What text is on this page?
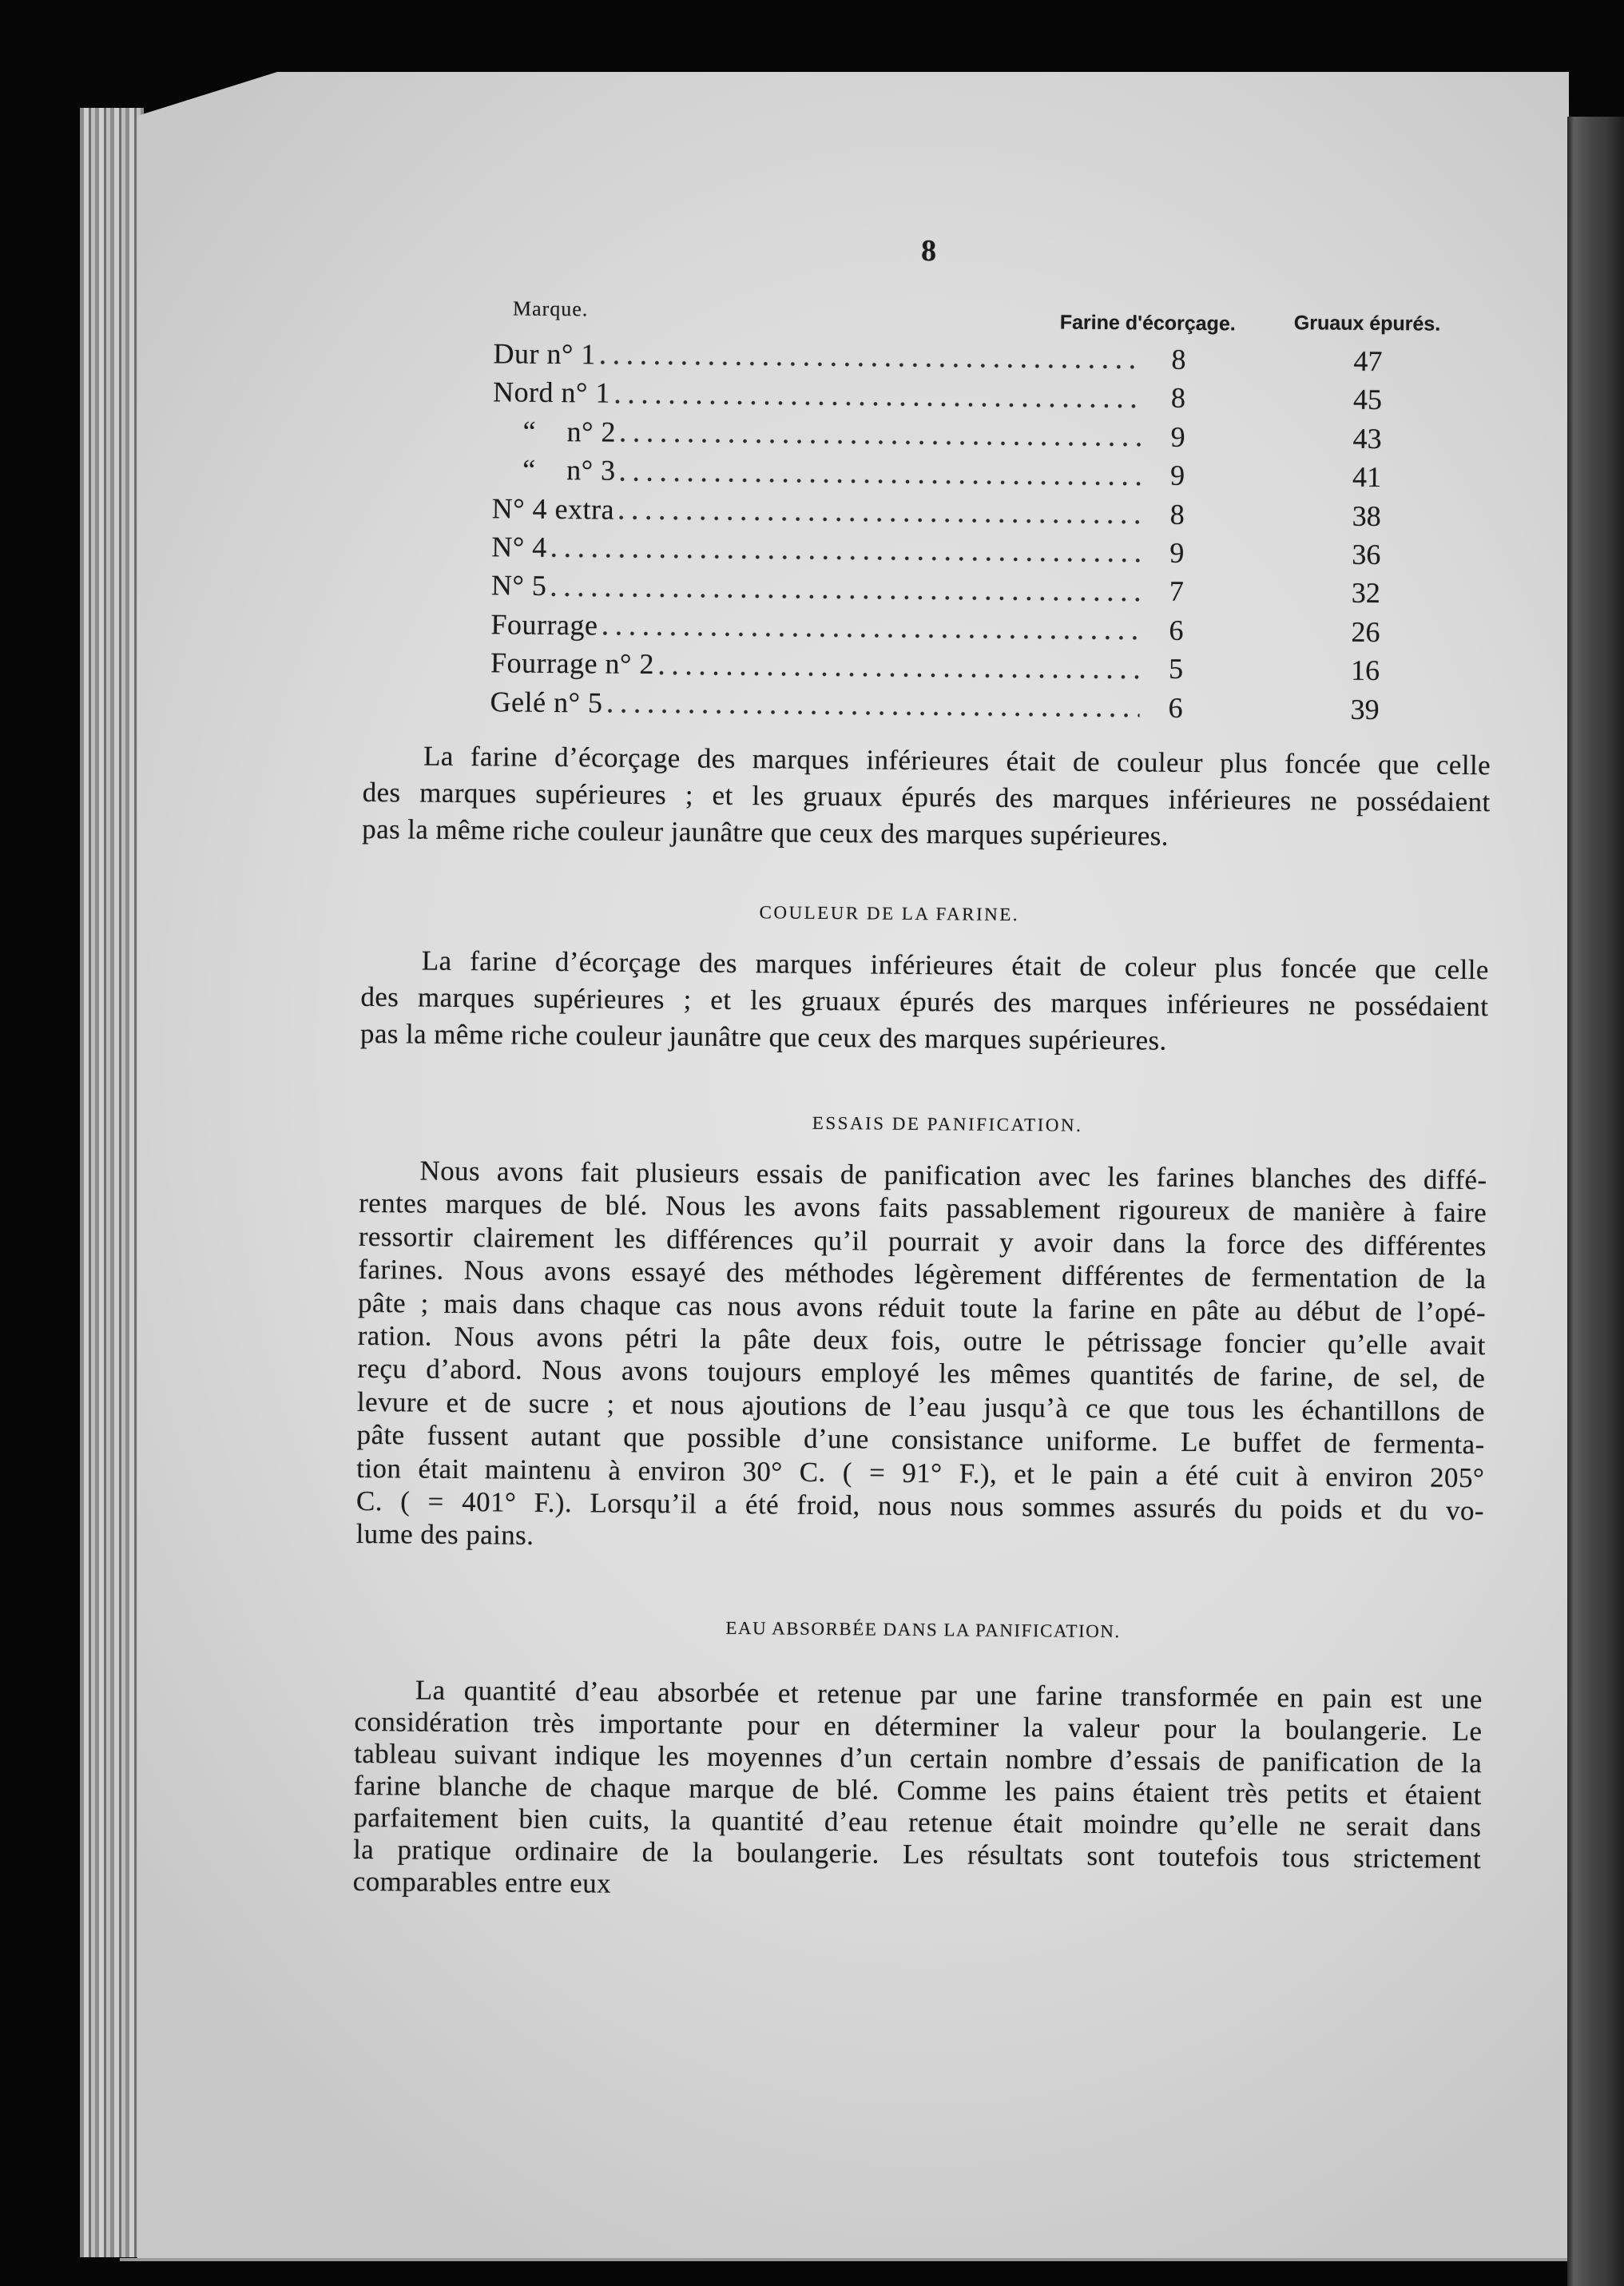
8
Marque.
Farine d'écorçage.	Gruaux épurés.
Dur n° 1	8	47
Nord n° 1	8	45
“	n° 2	9	43
“	n° 3	9	41
N° 4 extra	8	38
N° 4	9	36
N° 5	7	32
Fourrage	6	26
Fourrage n° 2	5	16
Gelé n° 5	6	39
La farine d’écorçage des marques inférieures était de couleur plus foncée que celle
des marques supérieures ; et les gruaux épurés des marques inférieures ne possédaient
pas la même riche couleur jaunâtre que ceux des marques supérieures.
COULEUR DE LA FARINE.
La farine d’écorçage des marques inférieures était de coleur plus foncée que celle
des marques supérieures ; et les gruaux épurés des marques inférieures ne possédaient
pas la même riche couleur jaunâtre que ceux des marques supérieures.
ESSAIS DE PANIFICATION.
Nous avons fait plusieurs essais de panification avec les farines blanches des diffé-
rentes marques de blé. Nous les avons faits passablement rigoureux de manière à faire
ressortir clairement les différences qu’il pourrait y avoir dans la force des différentes
farines. Nous avons essayé des méthodes légèrement différentes de fermentation de la
pâte ; mais dans chaque cas nous avons réduit toute la farine en pâte au début de l’opé-
ration. Nous avons pétri la pâte deux fois, outre le pétrissage foncier qu’elle avait
reçu d’abord. Nous avons toujours employé les mêmes quantités de farine, de sel, de
levure et de sucre ; et nous ajoutions de l’eau jusqu’à ce que tous les échantillons de
pâte fussent autant que possible d’une consistance uniforme. Le buffet de fermenta-
tion était maintenu à environ 30° C. ( = 91° F.), et le pain a été cuit à environ 205°
C. ( = 401° F.). Lorsqu’il a été froid, nous nous sommes assurés du poids et du vo-
lume des pains.
EAU ABSORBÉE DANS LA PANIFICATION.
La quantité d’eau absorbée et retenue par une farine transformée en pain est une
considération très importante pour en déterminer la valeur pour la boulangerie. Le
tableau suivant indique les moyennes d’un certain nombre d’essais de panification de la
farine blanche de chaque marque de blé. Comme les pains étaient très petits et étaient
parfaitement bien cuits, la quantité d’eau retenue était moindre qu’elle ne serait dans
la pratique ordinaire de la boulangerie. Les résultats sont toutefois tous strictement
comparables entre eux
